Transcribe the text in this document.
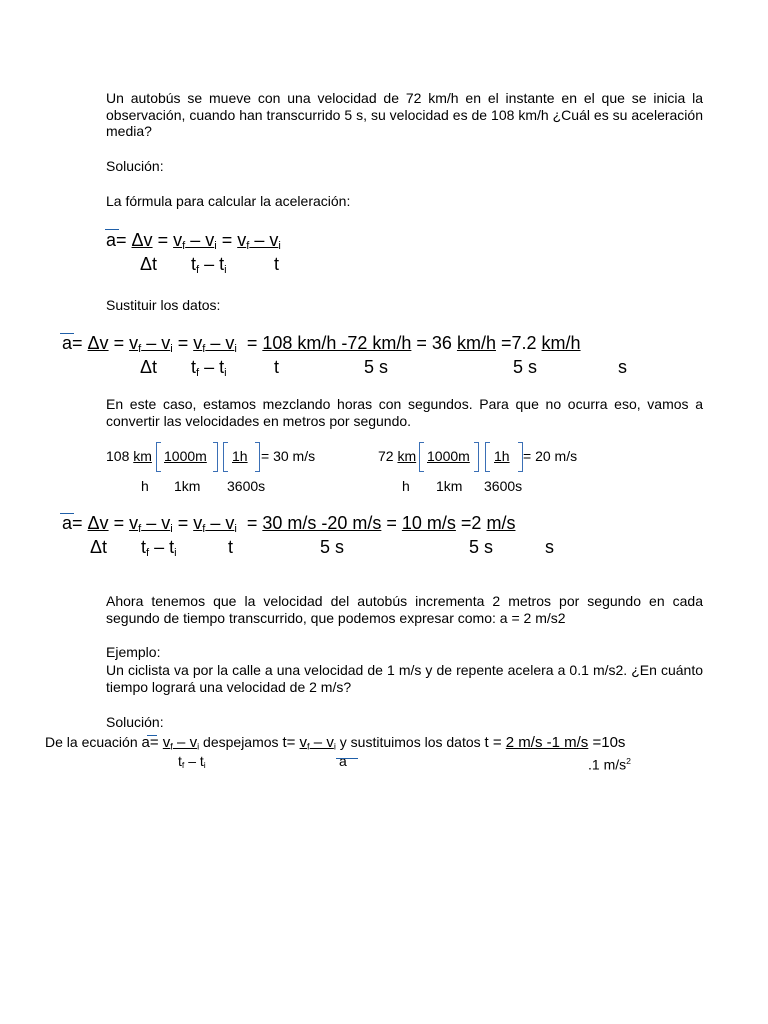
Un autobús se mueve con una velocidad de 72 km/h en el instante en el que se inicia la observación, cuando han transcurrido 5 s, su velocidad es de 108 km/h ¿Cuál es su aceleración media?
Solución:
La fórmula para calcular la aceleración:
$a= \Delta v = v_f - v_i = v_f - v_i$
Δt $t_f - t_i$	t
Sustituir los datos:
$a= \Delta v = v_f - v_i = v_f - v_i = 108$ km/h -72 km/h = 36 km/h =7.2 km/h
Δt $t_f - t_i$	t	5 s	5 s	s
En este caso, estamos mezclando horas con segundos. Para que no ocurra eso, vamos a convertir las velocidades en metros por segundo.
108 km 1000m 1h = 30 m/s
h 1km 3600s
72 km 1000m 1h = 20 m/s
h 1km 3600s
$a= \Delta v = v_f - v_i = v_f - v_i = 30$ m/s -20 m/s = 10 m/s =2 m/s
Δt $t_f - t_i$	t	5 s	5 s	s
Ahora tenemos que la velocidad del autobús incrementa 2 metros por segundo en cada segundo de tiempo transcurrido, que podemos expresar como: a = 2 m/s2
Ejemplo:
Un ciclista va por la calle a una velocidad de 1 m/s y de repente acelera a 0.1 m/s2. ¿En cuánto tiempo logrará una velocidad de 2 m/s?
Solución:
De la ecuación $a= v_f - v_i$ despejamos $t= v_f - v_i$ y sustituimos los datos t = 2 m/s -1 m/s =10s
$t_f - t_i$	a	.1 $m/s^2$
